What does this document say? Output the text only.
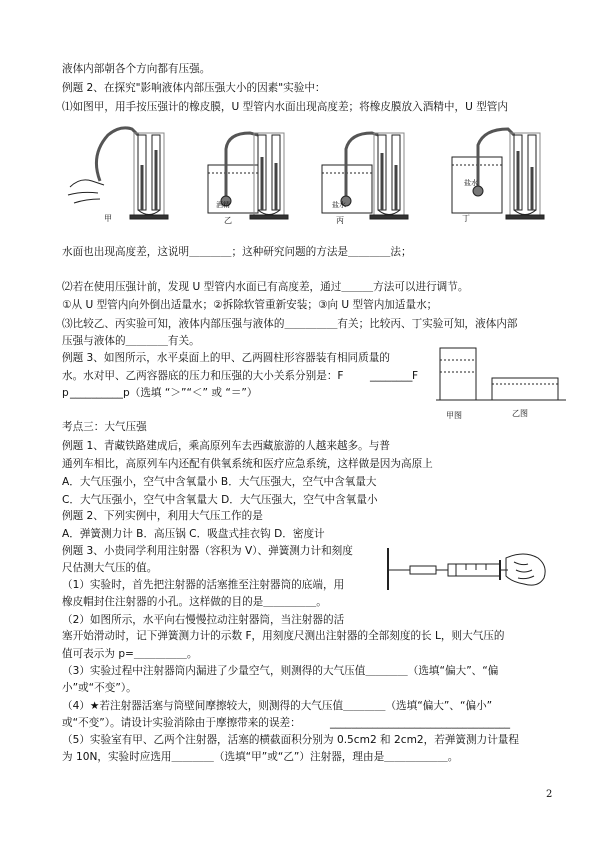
液体内部朝各个方向都有压强。
例题 2、在探究"影响液体内部压强大小的因素"实验中：
⑴如图甲，用手按压强计的橡皮膜，U 型管内水面出现高度差；将橡皮膜放入酒精中，U 型管内
甲	乙	丙	丁
酒精	盐水
盐水
水面也出现高度差，这说明＿＿＿＿；这种研究问题的方法是＿＿＿＿法；
⑵若在使用压强计前，发现 U 型管内水面已有高度差，通过＿＿＿方法可以进行调节。
①从 U 型管内向外倒出适量水；②拆除软管重新安装；③向 U 型管内加适量水；
⑶比较乙、丙实验可知，液体内部压强与液体的＿＿＿＿＿有关；比较丙、丁实验可知，液体内部
压强与液体的＿＿＿＿有关。
例题 3、如图所示，水平桌面上的甲、乙两圆柱形容器装有相同质量的
水。水对甲、乙两容器底的压力和压强的大小关系分别是：F ________ F
p __________ p（选填 “＞”“＜” 或 “＝”）
甲图	乙图
考点三：大气压强
例题 1、青藏铁路建成后，乘高原列车去西藏旅游的人越来越多。与普
通列车相比，高原列车内还配有供氧系统和医疗应急系统，这样做是因为高原上
A．大气压强小，空气中含氧量小 B．大气压强大，空气中含氧量大
C．大气压强小，空气中含氧量大 D．大气压强大，空气中含氧量小
例题 2、下列实例中，利用大气压工作的是
A．弹簧测力计 B．高压锅 C．吸盘式挂衣钩 D．密度计
例题 3、小贵同学利用注射器（容积为 V）、弹簧测力计和刻度
尺估测大气压的值。
（1）实验时，首先把注射器的活塞推至注射器筒的底端，用
橡皮帽封住注射器的小孔。这样做的目的是＿＿＿＿＿。
（2）如图所示，水平向右慢慢拉动注射器筒，当注射器的活
塞开始滑动时，记下弹簧测力计的示数 F，用刻度尺测出注射器的全部刻度的长 L，则大气压的
值可表示为 p=＿＿＿＿＿。
（3）实验过程中注射器筒内漏进了少量空气，则测得的大气压值＿＿＿＿（选填“偏大”、“偏
小”或“不变”）。
（4）★若注射器活塞与筒壁间摩擦较大，则测得的大气压值＿＿＿＿（选填“偏大”、“偏小”
或“不变”）。请设计实验消除由于摩擦带来的误差：	__________________________________
（5）实验室有甲、乙两个注射器，活塞的横截面积分别为 0.5cm2 和 2cm2，若弹簧测力计量程
为 10N，实验时应选用＿＿＿＿（选填“甲”或“乙”）注射器，理由是＿＿＿＿＿＿。
2
